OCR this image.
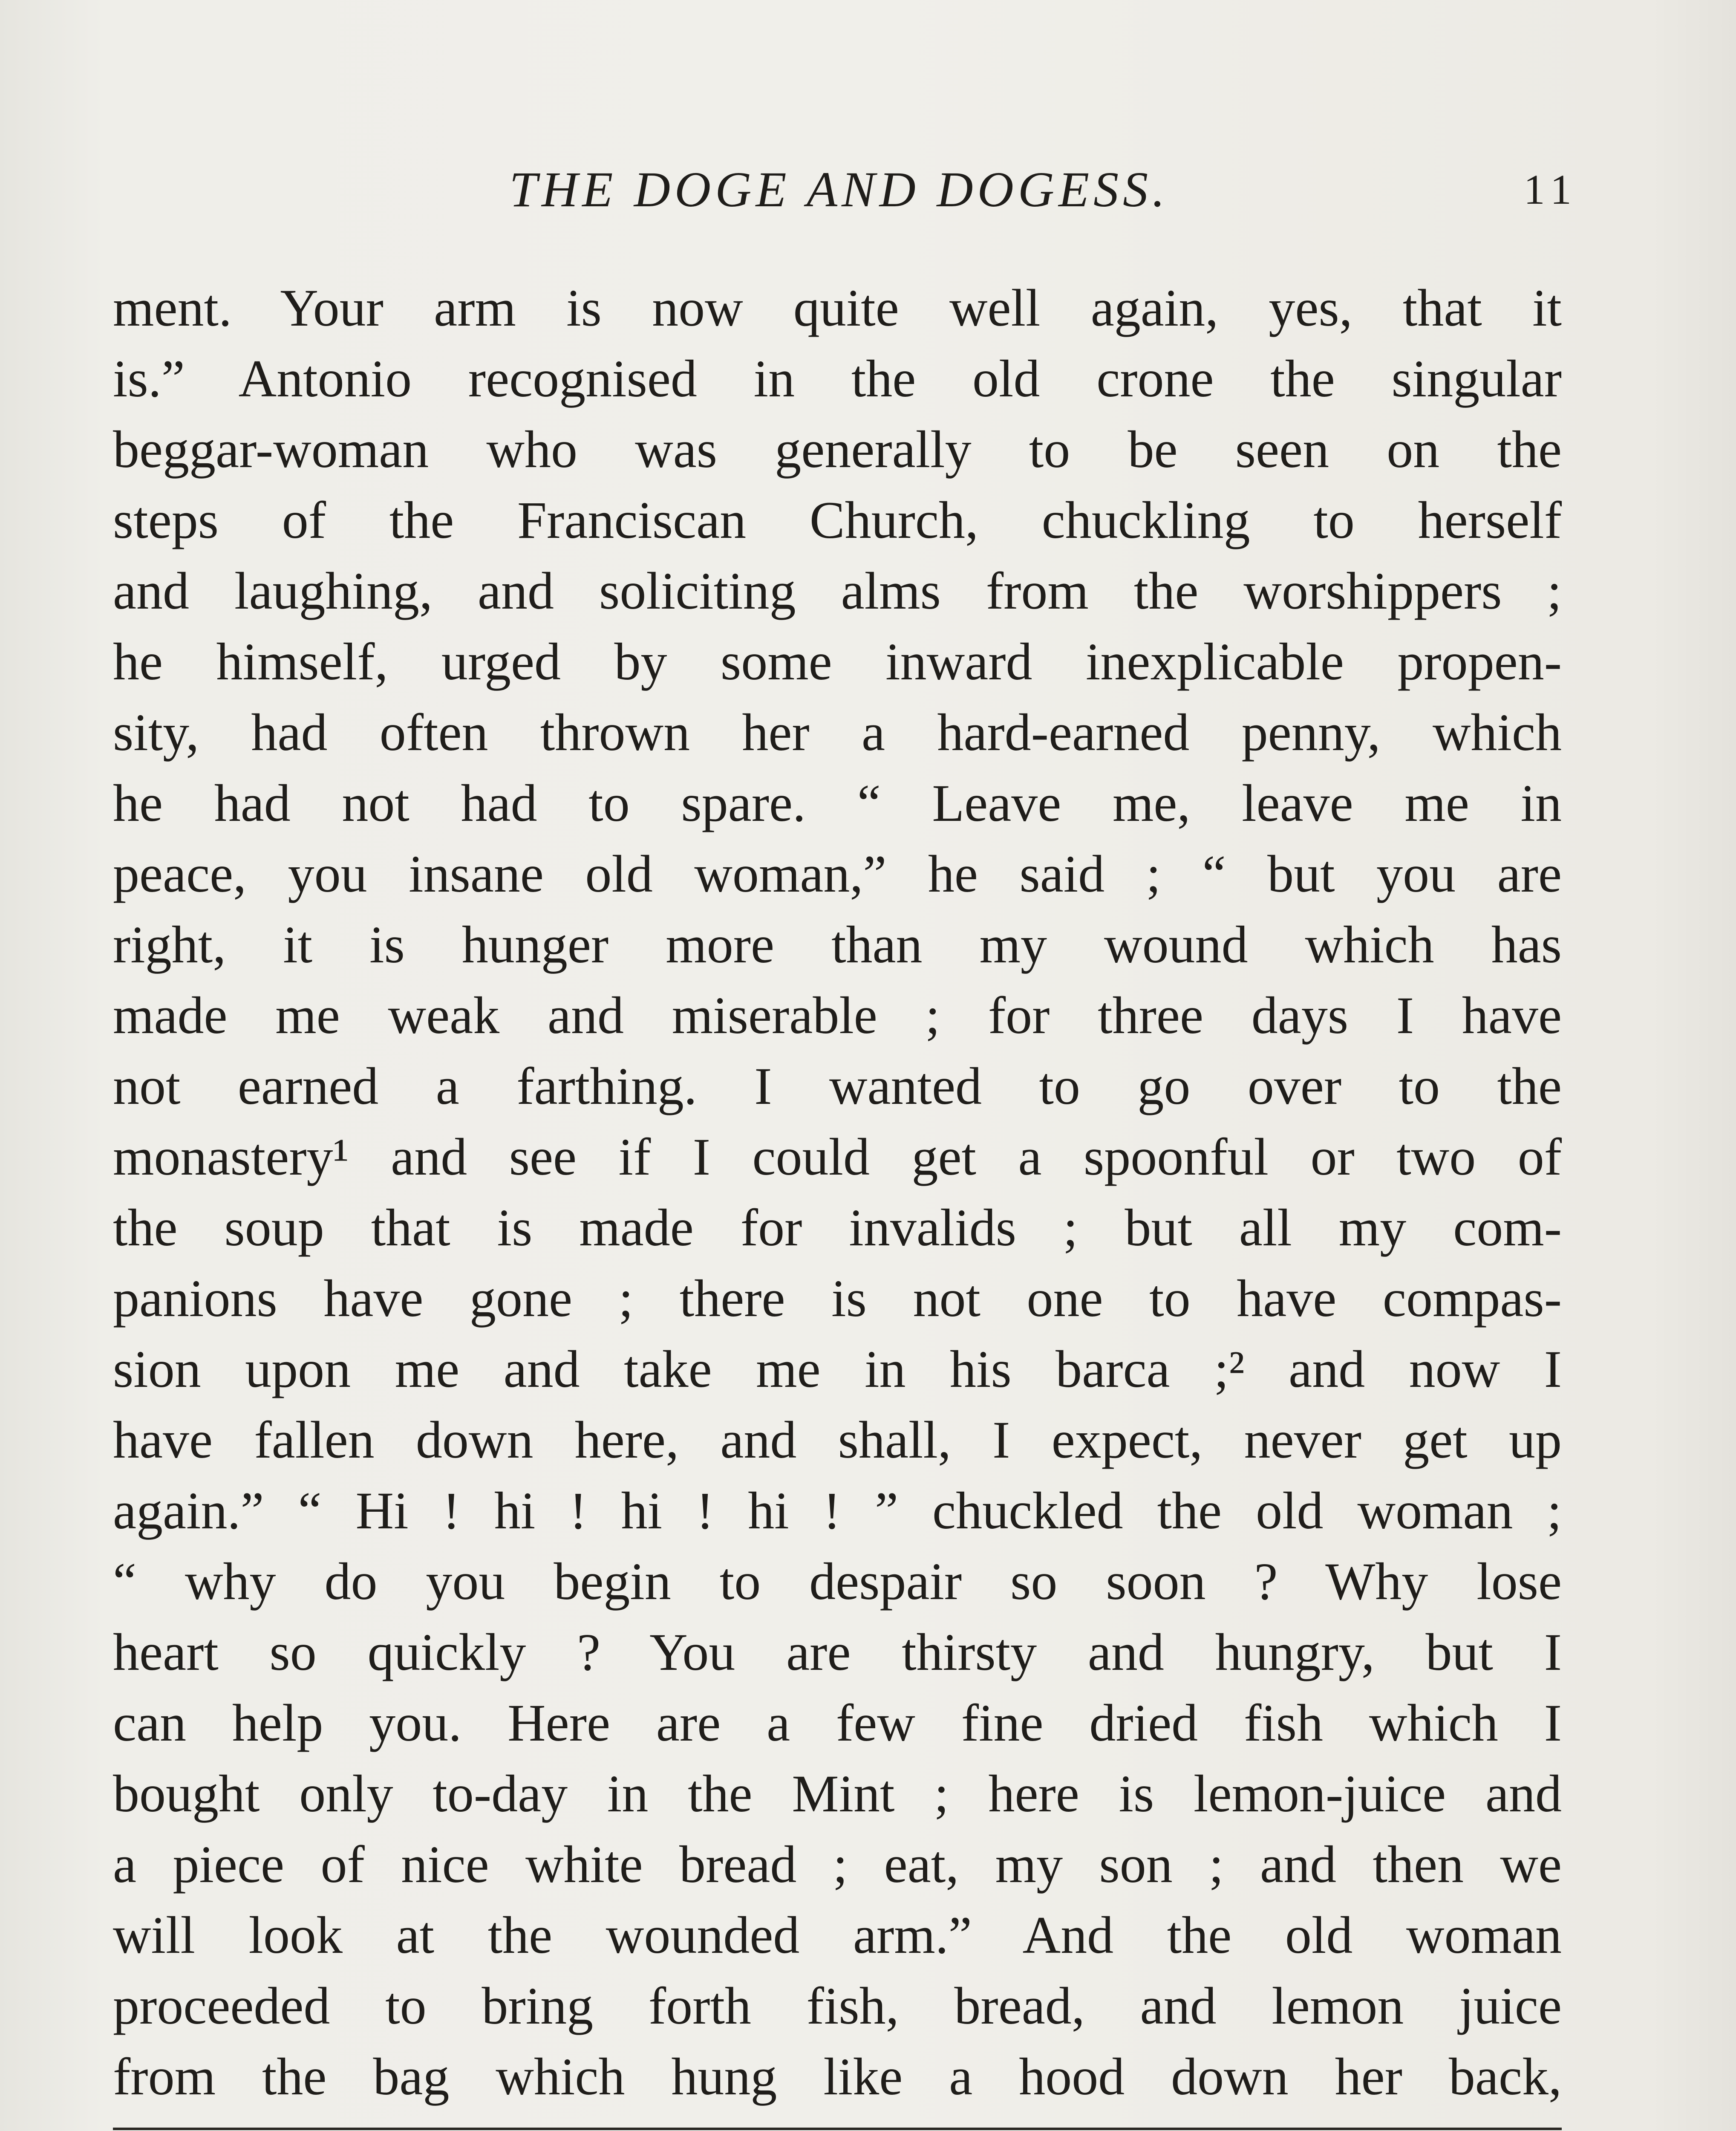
THE DOGE AND DOGESS.	11
ment. Your arm is now quite well again, yes, that it
is.” Antonio recognised in the old crone the singular
beggar-woman who was generally to be seen on the
steps of the Franciscan Church, chuckling to herself
and laughing, and soliciting alms from the worshippers ;
he himself, urged by some inward inexplicable propen-
sity, had often thrown her a hard-earned penny, which
he had not had to spare. “ Leave me, leave me in
peace, you insane old woman,” he said ; “ but you are
right, it is hunger more than my wound which has
made me weak and miserable ; for three days I have
not earned a farthing. I wanted to go over to the
monastery¹ and see if I could get a spoonful or two of
the soup that is made for invalids ; but all my com-
panions have gone ; there is not one to have compas-
sion upon me and take me in his barca ;² and now I
have fallen down here, and shall, I expect, never get up
again.” “ Hi ! hi ! hi ! hi ! ” chuckled the old woman ;
“ why do you begin to despair so soon ? Why lose
heart so quickly ? You are thirsty and hungry, but I
can help you. Here are a few fine dried fish which I
bought only to-day in the Mint ; here is lemon-juice and
a piece of nice white bread ; eat, my son ; and then we
will look at the wounded arm.” And the old woman
proceeded to bring forth fish, bread, and lemon juice
from the bag which hung like a hood down her back,
